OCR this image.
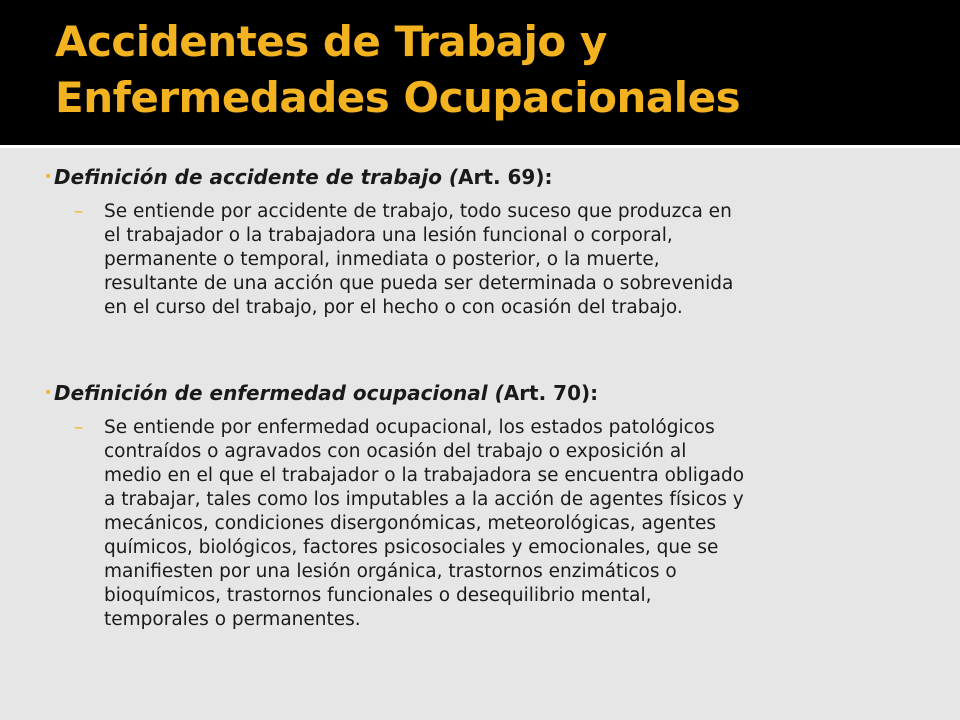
Accidentes de Trabajo y
Enfermedades Ocupacionales
• Definición de accidente de trabajo (Art. 69):
– Se entiende por accidente de trabajo, todo suceso que produzca en
el trabajador o la trabajadora una lesión funcional o corporal,
permanente o temporal, inmediata o posterior, o la muerte,
resultante de una acción que pueda ser determinada o sobrevenida
en el curso del trabajo, por el hecho o con ocasión del trabajo.
• Definición de enfermedad ocupacional (Art. 70):
– Se entiende por enfermedad ocupacional, los estados patológicos
contraídos o agravados con ocasión del trabajo o exposición al
medio en el que el trabajador o la trabajadora se encuentra obligado
a trabajar, tales como los imputables a la acción de agentes físicos y
mecánicos, condiciones disergonómicas, meteorológicas, agentes
químicos, biológicos, factores psicosociales y emocionales, que se
manifiesten por una lesión orgánica, trastornos enzimáticos o
bioquímicos, trastornos funcionales o desequilibrio mental,
temporales o permanentes.
